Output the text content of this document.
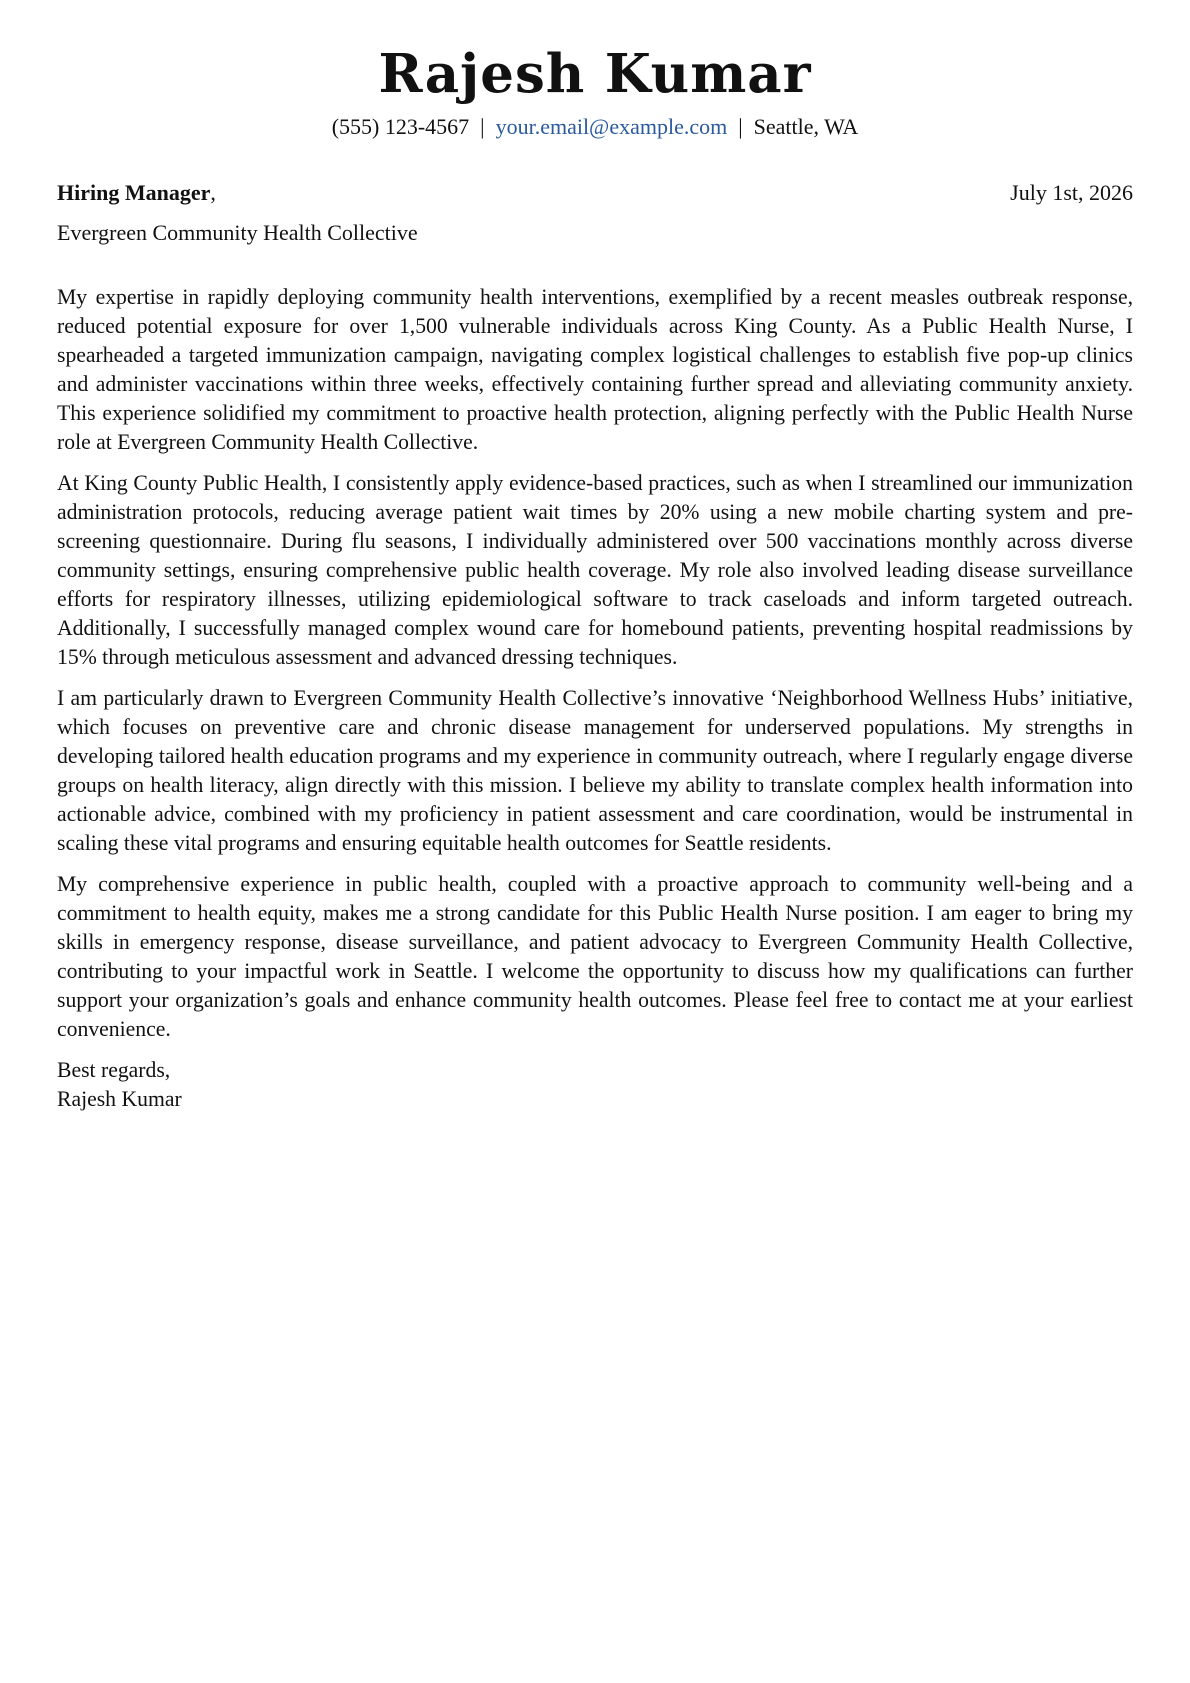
Rajesh Kumar
(555) 123-4567 | your.email@example.com | Seattle, WA
Hiring Manager,	July 1st, 2026
Evergreen Community Health Collective

My expertise in rapidly deploying community health interventions, exemplified by a recent measles outbreak response, reduced potential exposure for over 1,500 vulnerable individuals across King County. As a Public Health Nurse, I spearheaded a targeted immunization campaign, navigating complex logistical challenges to establish five pop-up clinics and administer vaccinations within three weeks, effectively containing further spread and alleviating community anxiety. This experience solidified my commitment to proactive health protection, aligning perfectly with the Public Health Nurse role at Evergreen Community Health Collective.

At King County Public Health, I consistently apply evidence-based practices, such as when I streamlined our immunization administration protocols, reducing average patient wait times by 20% using a new mobile charting system and pre-screening questionnaire. During flu seasons, I individually administered over 500 vaccinations monthly across diverse community settings, ensuring comprehensive public health coverage. My role also involved leading disease surveillance efforts for respiratory illnesses, utilizing epidemiological software to track caseloads and inform targeted outreach. Additionally, I successfully managed complex wound care for homebound patients, preventing hospital readmissions by 15% through meticulous assessment and advanced dressing techniques.

I am particularly drawn to Evergreen Community Health Collective’s innovative ‘Neighborhood Wellness Hubs’ initiative, which focuses on preventive care and chronic disease management for underserved populations. My strengths in developing tailored health education programs and my experience in community outreach, where I regularly engage diverse groups on health literacy, align directly with this mission. I believe my ability to translate complex health information into actionable advice, combined with my proficiency in patient assessment and care coordination, would be instrumental in scaling these vital programs and ensuring equitable health outcomes for Seattle residents.

My comprehensive experience in public health, coupled with a proactive approach to community well-being and a commitment to health equity, makes me a strong candidate for this Public Health Nurse position. I am eager to bring my skills in emergency response, disease surveillance, and patient advocacy to Evergreen Community Health Collective, contributing to your impactful work in Seattle. I welcome the opportunity to discuss how my qualifications can further support your organization’s goals and enhance community health outcomes. Please feel free to contact me at your earliest convenience.

Best regards,
Rajesh Kumar
